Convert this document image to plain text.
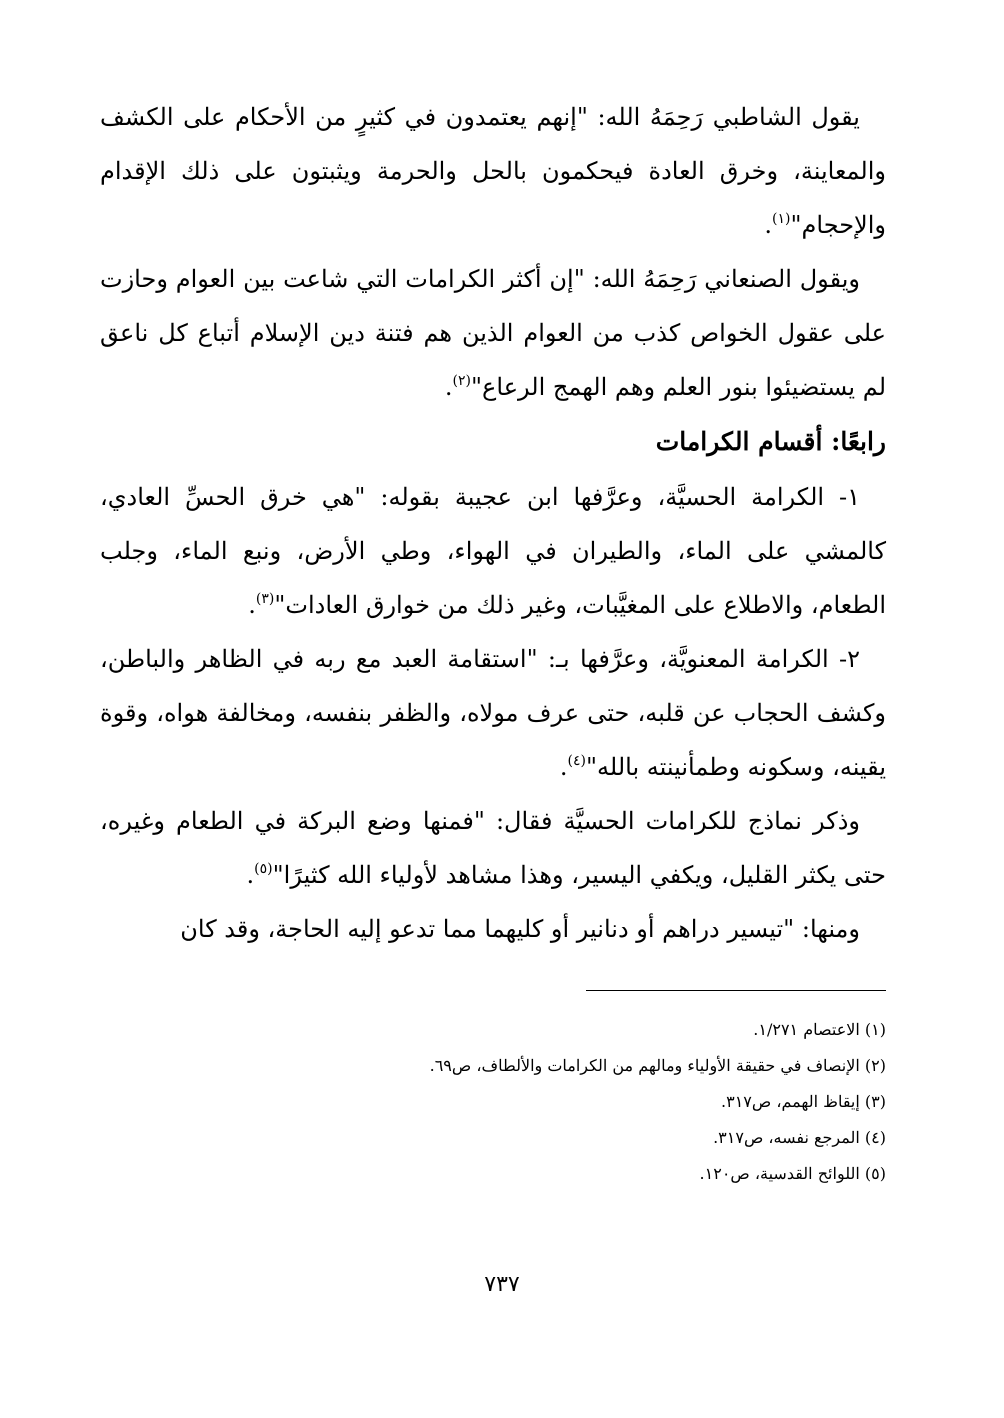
يقول الشاطبي رَحِمَهُ الله: "إنهم يعتمدون في كثيرٍ من الأحكام على الكشف والمعاينة، وخرق العادة فيحكمون بالحل والحرمة ويثبتون على ذلك الإقدام والإحجام"$^{(١)}$.

ويقول الصنعاني رَحِمَهُ الله: "إن أكثر الكرامات التي شاعت بين العوام وحازت على عقول الخواص كذب من العوام الذين هم فتنة دين الإسلام أتباع كل ناعق لم يستضيئوا بنور العلم وهم الهمج الرعاع"$^{(٢)}$.

رابعًا: أقسام الكرامات

١- الكرامة الحسيَّة، وعرَّفها ابن عجيبة بقوله: "هي خرق الحسِّ العادي، كالمشي على الماء، والطيران في الهواء، وطي الأرض، ونبع الماء، وجلب الطعام، والاطلاع على المغيَّبات، وغير ذلك من خوارق العادات"$^{(٣)}$.

٢- الكرامة المعنويَّة، وعرَّفها بـ: "استقامة العبد مع ربه في الظاهر والباطن، وكشف الحجاب عن قلبه، حتى عرف مولاه، والظفر بنفسه، ومخالفة هواه، وقوة يقينه، وسكونه وطمأنينته بالله"$^{(٤)}$.

وذكر نماذج للكرامات الحسيَّة فقال: "فمنها وضع البركة في الطعام وغيره، حتى يكثر القليل، ويكفي اليسير، وهذا مشاهد لأولياء الله كثيرًا"$^{(٥)}$.

ومنها: "تيسير دراهم أو دنانير أو كليهما مما تدعو إليه الحاجة، وقد كان

(١) الاعتصام ١/٢٧١.
(٢) الإنصاف في حقيقة الأولياء ومالهم من الكرامات والألطاف، ص٦٩.
(٣) إيقاظ الهمم، ص٣١٧.
(٤) المرجع نفسه، ص٣١٧.
(٥) اللوائح القدسية، ص١٢٠.
٧٣٧
